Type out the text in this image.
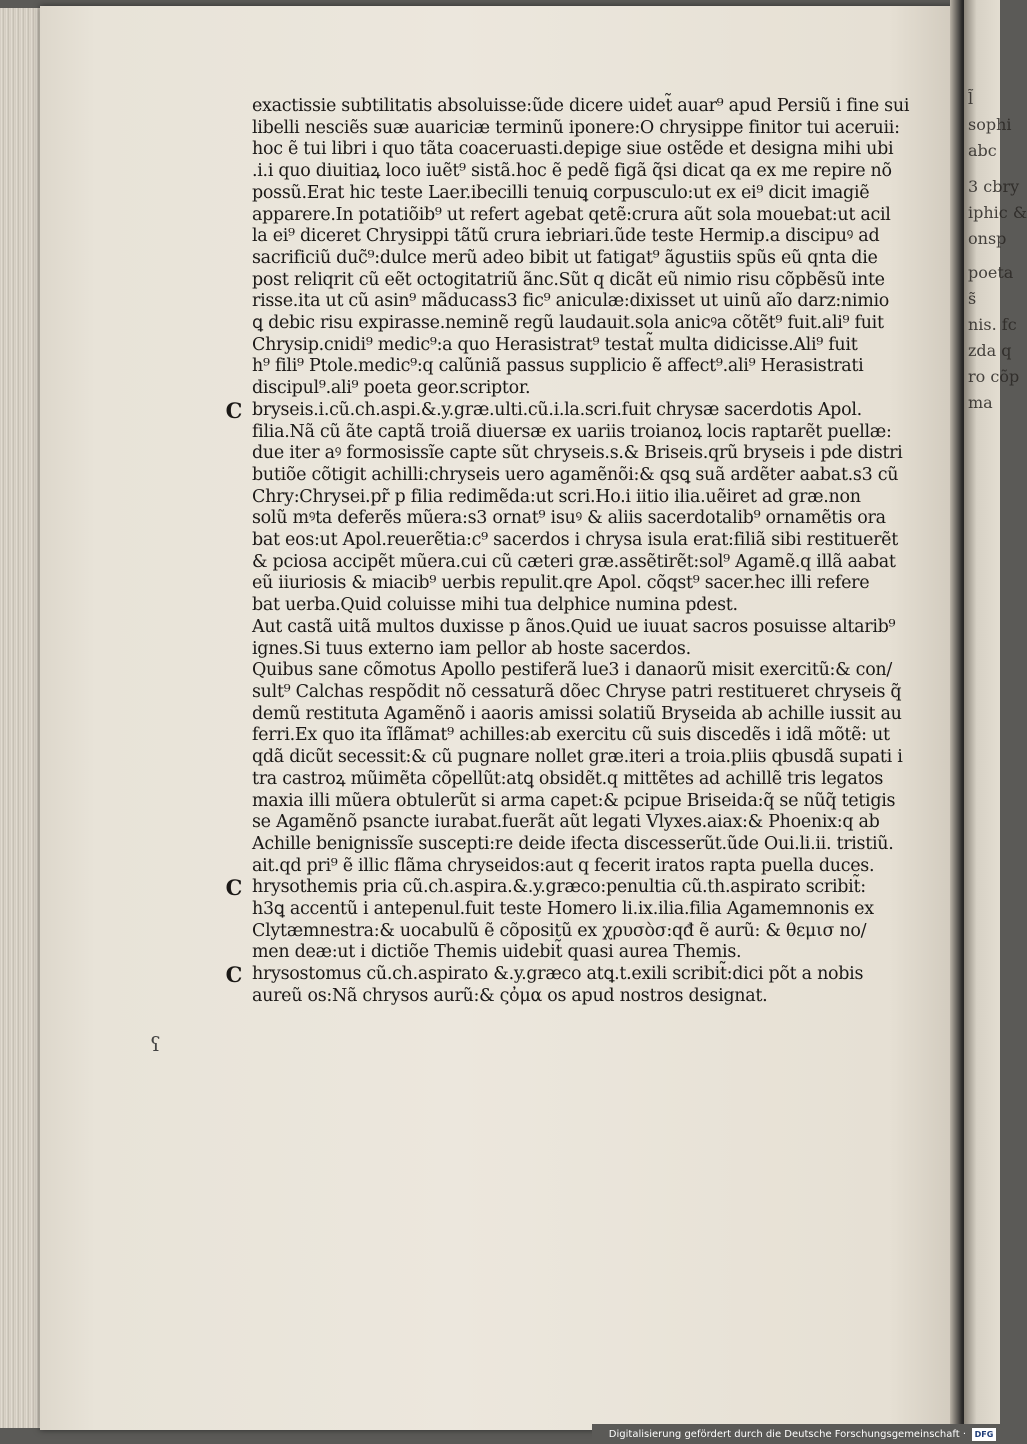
l̃
sophi
abc
3 cbry
iphic &
onsp
poeta
s̃
nis. fc
zda q
ro cõp
ma
ʕ
exactissie subtilitatis absoluisse:ũde dicere uidet̃ auar⁹ apud Persiũ i fine sui
libelli nesciẽs suæ auariciæ terminũ iponere:O chrysippe finitor tui aceruii:
hoc ẽ tui libri i quo tãta coaceruasti.depige siue ostẽde et designa mihi ubi
.i.i quo diuitiaꝝ loco iuẽt⁹ sistã.hoc ẽ pedẽ figã q̃si dicat qa ex me repire nõ
possũ.Erat hic teste Laer.ibecilli tenuiꝗ corpusculo:ut ex ei⁹ dicit imagiẽ
apparere.In potatiõib⁹ ut refert agebat qetẽ:crura aũt sola mouebat:ut acil
la ei⁹ diceret Chrysippi tãtũ crura iebriari.ũde teste Hermip.a discipuꝰ ad
sacrificiũ duc̃⁹:dulce merũ adeo bibit ut fatigat⁹ ãgustiis spũs eũ qnta die
post reliqrit cũ eẽt octogitatriũ ãnc.Sũt q dicãt eũ nimio risu cõpbẽsũ inte
risse.ita ut cũ asin⁹ mãducass3 fic⁹ aniculæ:dixisset ut uinũ aĩo darz:nimio
ꝗ debic risu expirasse.neminẽ regũ laudauit.sola anicꝰa cõtẽt⁹ fuit.ali⁹ fuit
Chrysip.cnidi⁹ medic⁹:a quo Herasistrat⁹ testat̃ multa didicisse.Ali⁹ fuit
h⁹ fili⁹ Ptole.medic⁹:q calũniã passus supplicio ẽ affect⁹.ali⁹ Herasistrati
discipul⁹.ali⁹ poeta geor.scriptor.
C bryseis.i.cũ.ch.aspi.&.y.græ.ulti.cũ.i.la.scri.fuit chrysæ sacerdotis Apol.
filia.Nã cũ ãte captã troiã diuersæ ex uariis troianoꝝ locis raptarẽt puellæ:
due iter aꝰ formosissĩe capte sũt chryseis.s.& Briseis.qrũ bryseis i pde distri
butiõe cõtigit achilli:chryseis uero agamẽnõi:& qsꝗ suã ardẽter aabat.s3 cũ
Chry:Chrysei.pr̃ p filia redimẽda:ut scri.Ho.i iitio ilia.uẽiret ad græ.non
solũ mꝰta deferẽs mũera:s3 ornat⁹ isuꝰ & aliis sacerdotalib⁹ ornamẽtis ora
bat eos:ut Apol.reuerẽtia:c⁹ sacerdos i chrysa isula erat:filiã sibi restituerẽt
& pciosa accipẽt mũera.cui cũ cæteri græ.assẽtirẽt:sol⁹ Agamẽ.q illã aabat
eũ iiuriosis & miacib⁹ uerbis repulit.qre Apol. cõqst⁹ sacer.hec illi refere
bat uerba.Quid coluisse mihi tua delphice numina pdest.
Aut castã uitã multos duxisse p ãnos.Quid ue iuuat sacros posuisse altarib⁹
ignes.Si tuus externo iam pellor ab hoste sacerdos.
Quibus sane cõmotus Apollo pestiferã lue3 i danaorũ misit exercitũ:& con/
sult⁹ Calchas respõdit nõ cessaturã dõec Chryse patri restitueret chryseis q̃
demũ restituta Agamẽnõ i aaoris amissi solatiũ Bryseida ab achille iussit au
ferri.Ex quo ita ĩflãmat⁹ achilles:ab exercitu cũ suis discedẽs i idã mõtẽ: ut
qdã dicũt secessit:& cũ pugnare nollet græ.iteri a troia.pliis qbusdã supati i
tra castroꝝ mũimẽta cõpellũt:atꝗ obsidẽt.q mittẽtes ad achillẽ tris legatos
maxia illi mũera obtulerũt si arma capet:& pcipue Briseida:q̃ se nũq̃ tetigis
se Agamẽnõ psancte iurabat.fuerãt aũt legati Vlyxes.aiax:& Phoenix:q ab
Achille benignissĩe suscepti:re deide ifecta discesserũt.ũde Oui.li.ii. tristiũ.
ait.qd pri⁹ ẽ illic flãma chryseidos:aut q fecerit iratos rapta puella duces.
C hrysothemis pria cũ.ch.aspira.&.y.græco:penultia cũ.th.aspirato scribit̃:
h3ꝗ accentũ i antepenul.fuit teste Homero li.ix.ilia.filia Agamemnonis ex
Clytæmnestra:& uocabulũ ẽ cõpositũ ex χρυσὸσ:qđ ẽ aurũ: & θεμισ no/
men deæ:ut i dictiõe Themis uidebit̃ quasi aurea Themis.
C hrysostomus cũ.ch.aspirato &.y.græco atꝗ.t.exili scribit̃:dici põt a nobis
aureũ os:Nã chrysos aurũ:& ςὀμα os apud nostros designat.
Digitalisierung gefördert durch die Deutsche Forschungsgemeinschaft ·	DFG
